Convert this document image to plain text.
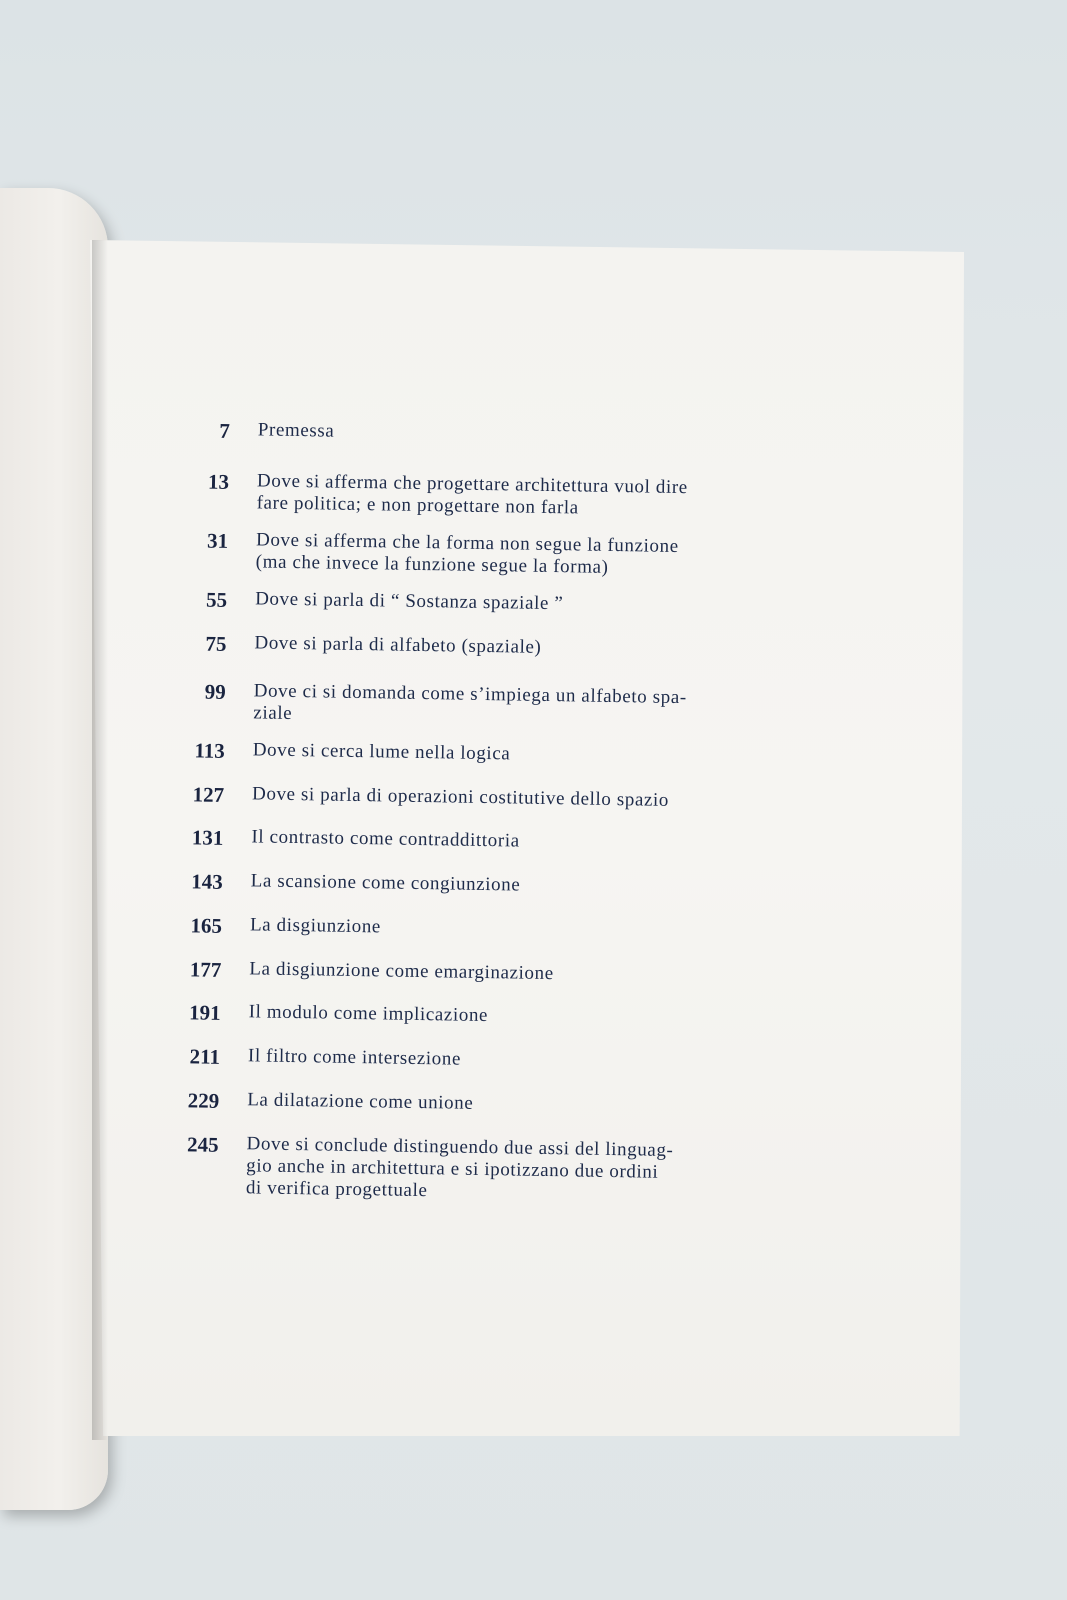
7 Premessa
13 Dove si afferma che progettare architettura vuol dire
fare politica; e non progettare non farla
31 Dove si afferma che la forma non segue la funzione
(ma che invece la funzione segue la forma)
55 Dove si parla di “ Sostanza spaziale ”
75 Dove si parla di alfabeto (spaziale)
99 Dove ci si domanda come s’impiega un alfabeto spa-
ziale
113 Dove si cerca lume nella logica
127 Dove si parla di operazioni costitutive dello spazio
131 Il contrasto come contraddittoria
143 La scansione come congiunzione
165 La disgiunzione
177 La disgiunzione come emarginazione
191 Il modulo come implicazione
211 Il filtro come intersezione
229 La dilatazione come unione
245 Dove si conclude distinguendo due assi del linguag-
gio anche in architettura e si ipotizzano due ordini
di verifica progettuale
